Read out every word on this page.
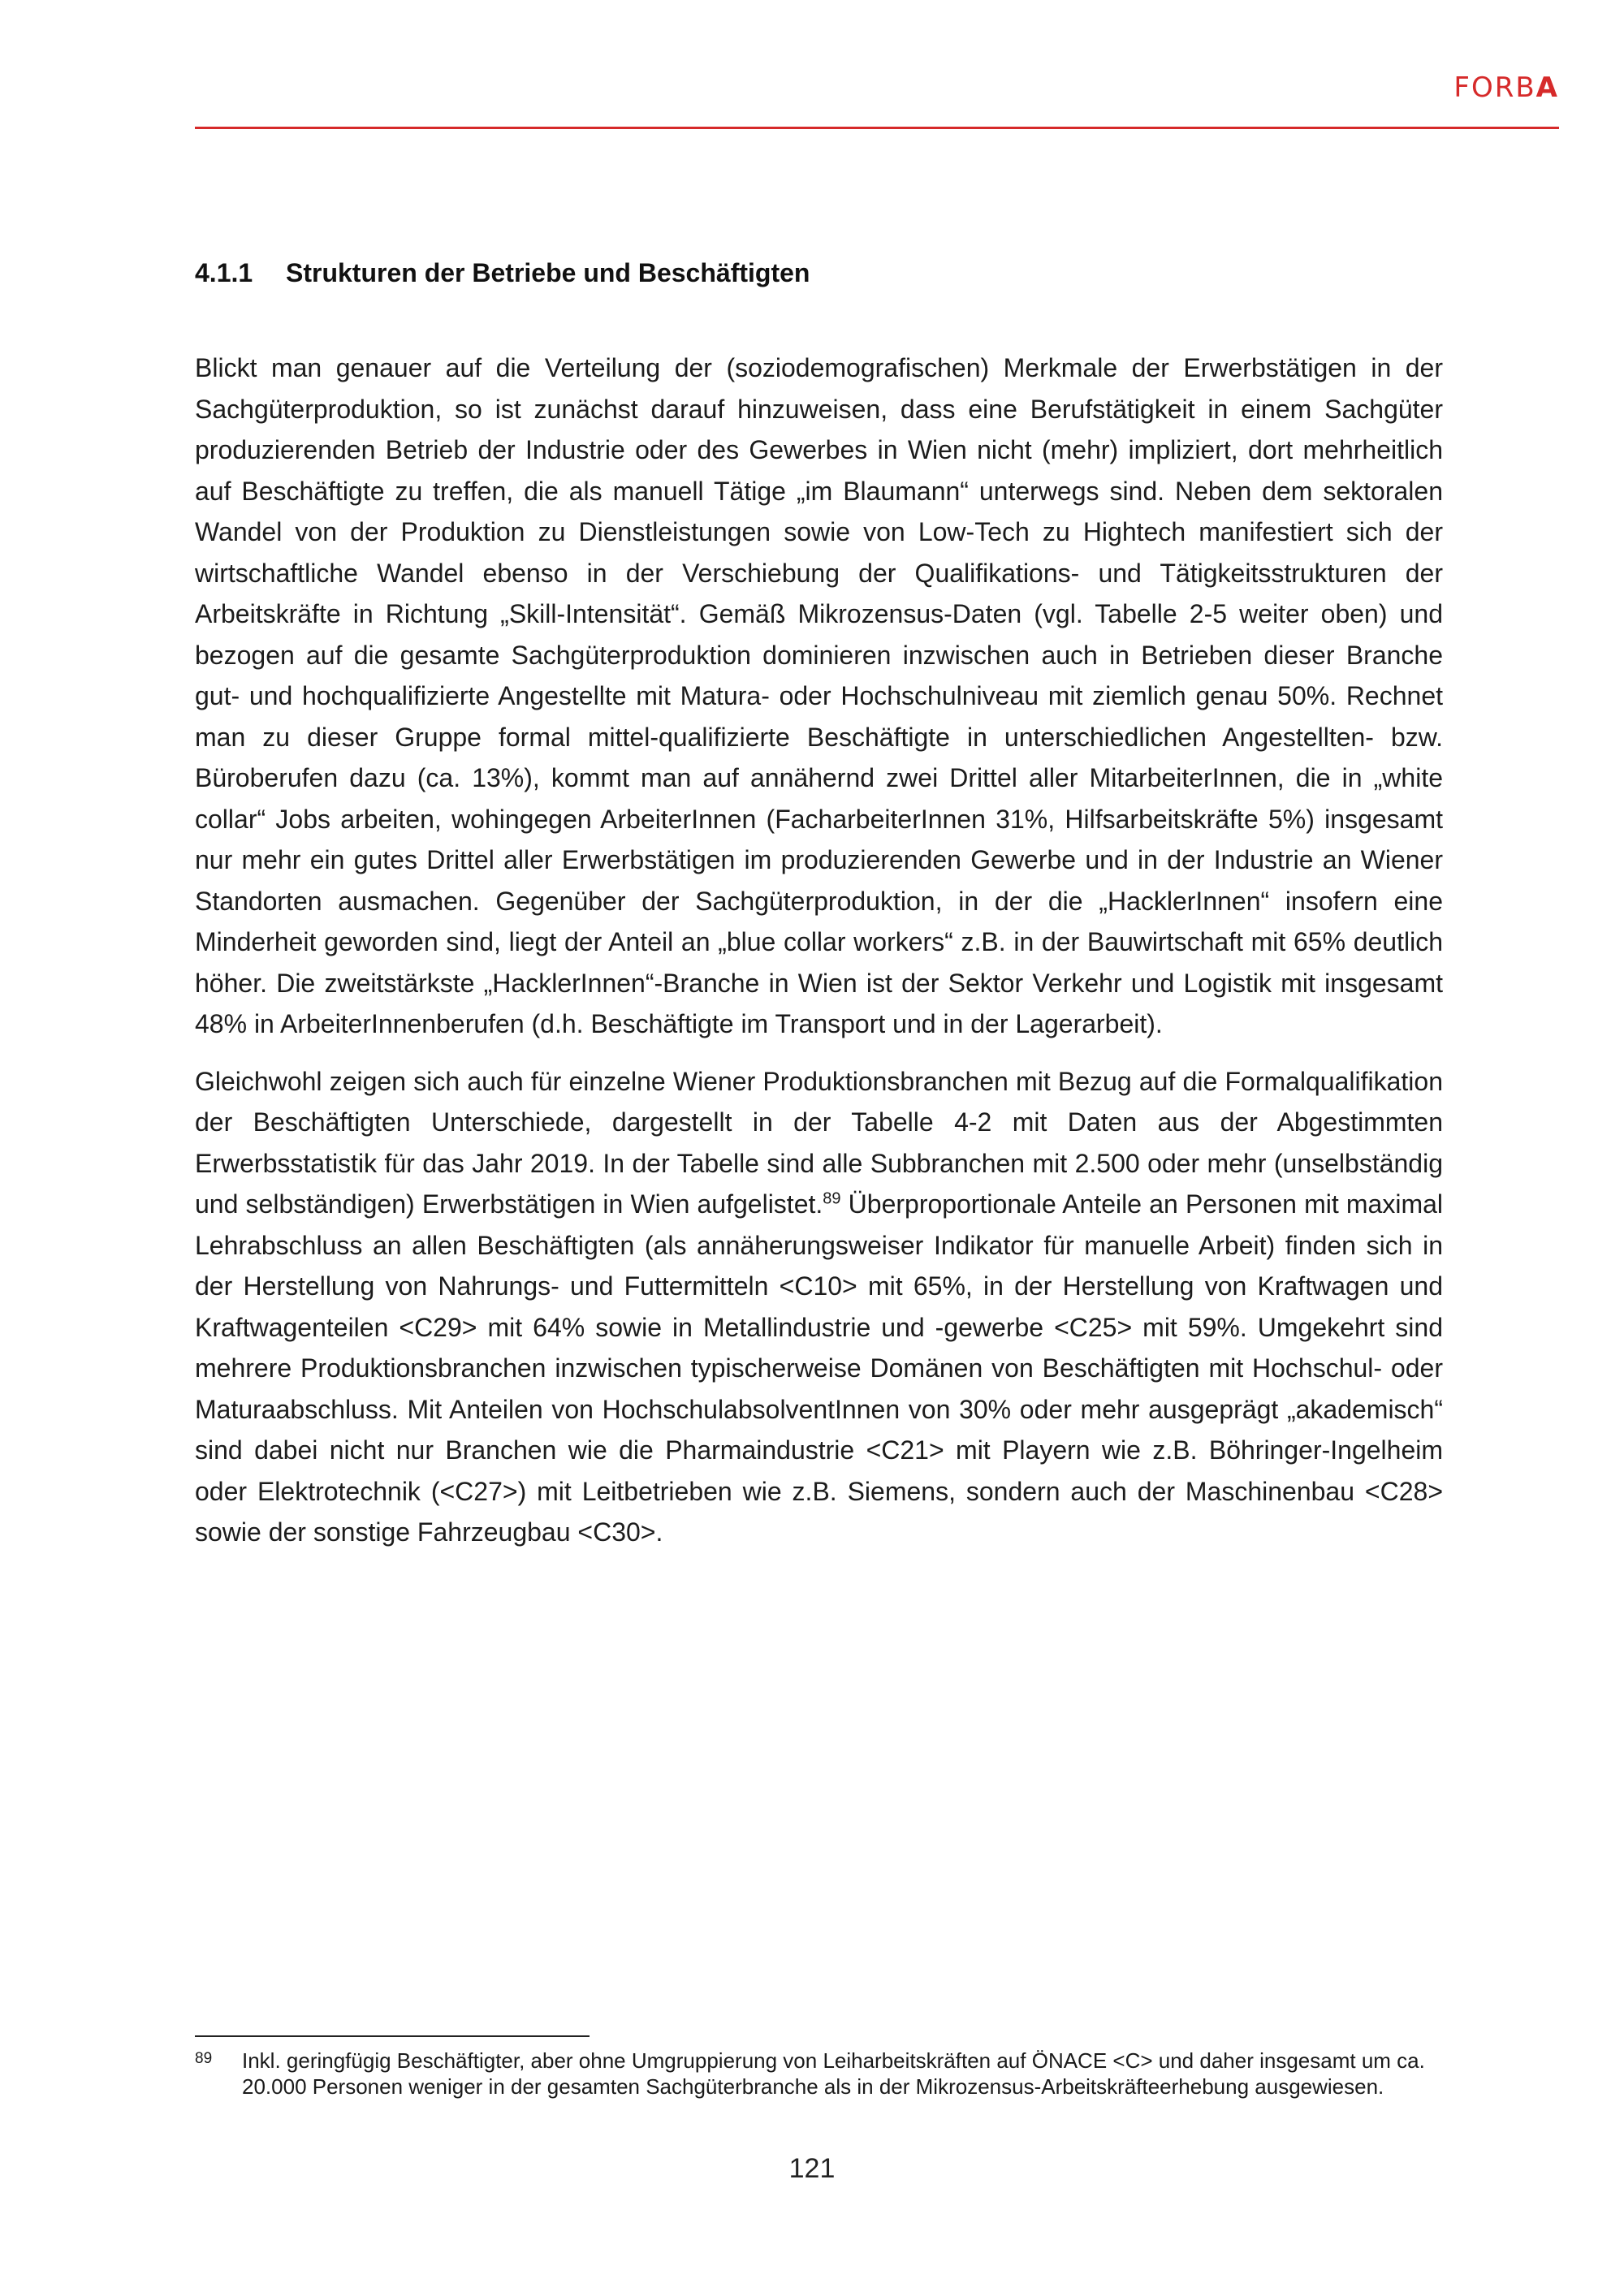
FORBA
4.1.1 Strukturen der Betriebe und Beschäftigten

Blickt man genauer auf die Verteilung der (soziodemografischen) Merkmale der Erwerbstätigen in der Sachgüterproduktion, so ist zunächst darauf hinzuweisen, dass eine Berufstätigkeit in einem Sachgüter produzierenden Betrieb der Industrie oder des Gewerbes in Wien nicht (mehr) impliziert, dort mehrheitlich auf Beschäftigte zu treffen, die als manuell Tätige „im Blaumann“ unterwegs sind. Neben dem sektoralen Wandel von der Produktion zu Dienstleistungen sowie von Low-Tech zu Hightech manifestiert sich der wirtschaftliche Wandel ebenso in der Verschiebung der Qualifikations- und Tätigkeitsstrukturen der Arbeitskräfte in Richtung „Skill-Intensität“. Gemäß Mikrozensus-Daten (vgl. Tabelle 2-5 weiter oben) und bezogen auf die gesamte Sachgüterproduktion dominieren inzwischen auch in Betrieben dieser Branche gut- und hochqualifizierte Angestellte mit Matura- oder Hochschulniveau mit ziemlich genau 50%. Rechnet man zu dieser Gruppe formal mittel-qualifizierte Beschäftigte in unterschiedlichen Angestellten- bzw. Büroberufen dazu (ca. 13%), kommt man auf annähernd zwei Drittel aller MitarbeiterInnen, die in „white collar“ Jobs arbeiten, wohingegen ArbeiterInnen (FacharbeiterInnen 31%, Hilfsarbeitskräfte 5%) insgesamt nur mehr ein gutes Drittel aller Erwerbstätigen im produzierenden Gewerbe und in der Industrie an Wiener Standorten ausmachen. Gegenüber der Sachgüterproduktion, in der die „HacklerInnen“ insofern eine Minderheit geworden sind, liegt der Anteil an „blue collar workers“ z.B. in der Bauwirtschaft mit 65% deutlich höher. Die zweitstärkste „HacklerInnen“-Branche in Wien ist der Sektor Verkehr und Logistik mit insgesamt 48% in ArbeiterInnenberufen (d.h. Beschäftigte im Transport und in der Lagerarbeit).

Gleichwohl zeigen sich auch für einzelne Wiener Produktionsbranchen mit Bezug auf die Formalqualifikation der Beschäftigten Unterschiede, dargestellt in der Tabelle 4-2 mit Daten aus der Abgestimmten Erwerbsstatistik für das Jahr 2019. In der Tabelle sind alle Subbranchen mit 2.500 oder mehr (unselbständig und selbständigen) Erwerbstätigen in Wien aufgelistet.$^{89}$ Überproportionale Anteile an Personen mit maximal Lehrabschluss an allen Beschäftigten (als annäherungsweiser Indikator für manuelle Arbeit) finden sich in der Herstellung von Nahrungs- und Futtermitteln <C10> mit 65%, in der Herstellung von Kraftwagen und Kraftwagenteilen <C29> mit 64% sowie in Metallindustrie und -gewerbe <C25> mit 59%. Umgekehrt sind mehrere Produktionsbranchen inzwischen typischerweise Domänen von Beschäftigten mit Hochschul- oder Maturaabschluss. Mit Anteilen von HochschulabsolventInnen von 30% oder mehr ausgeprägt „akademisch“ sind dabei nicht nur Branchen wie die Pharmaindustrie <C21> mit Playern wie z.B. Böhringer-Ingelheim oder Elektrotechnik (<C27>) mit Leitbetrieben wie z.B. Siemens, sondern auch der Maschinenbau <C28> sowie der sonstige Fahrzeugbau <C30>.

89 Inkl. geringfügig Beschäftigter, aber ohne Umgruppierung von Leiharbeitskräften auf ÖNACE <C> und daher insgesamt um ca. 20.000 Personen weniger in der gesamten Sachgüterbranche als in der Mikrozensus-Arbeitskräfteerhebung ausgewiesen.
121
